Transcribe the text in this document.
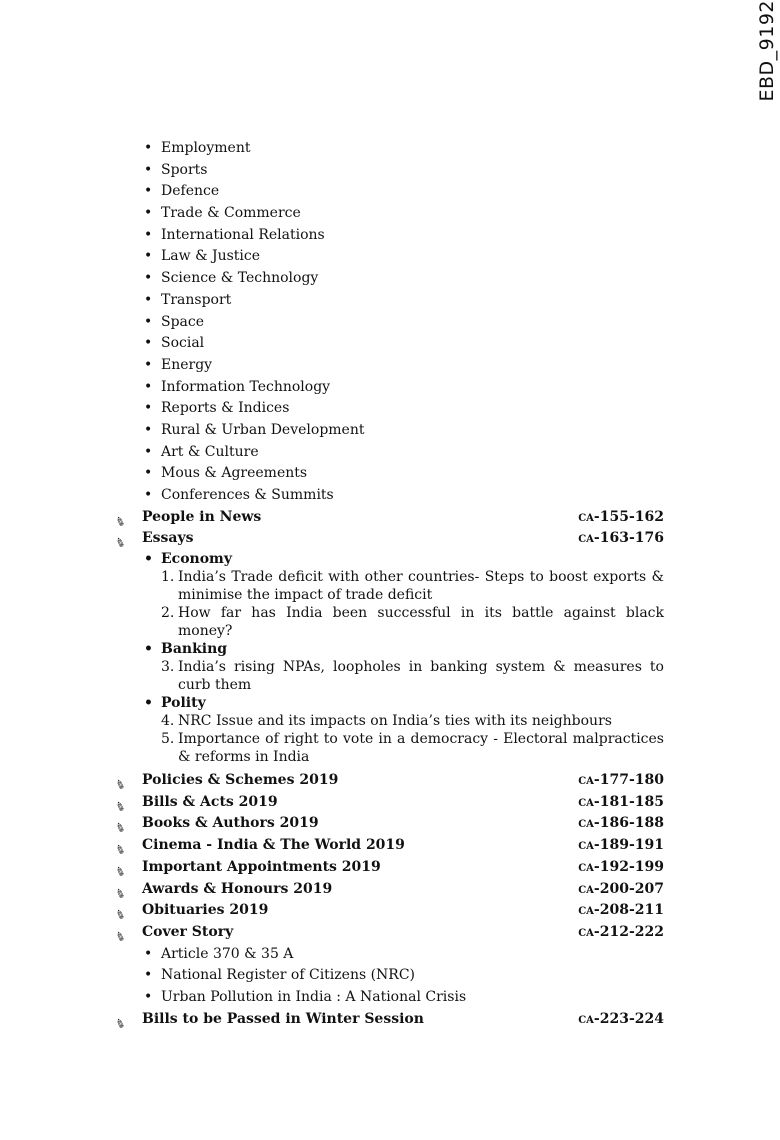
EBD_9192
• Employment
• Sports
• Defence
• Trade & Commerce
• International Relations
• Law & Justice
• Science & Technology
• Transport
• Space
• Social
• Energy
• Information Technology
• Reports & Indices
• Rural & Urban Development
• Art & Culture
• Mous & Agreements
• Conferences & Summits
✎ People in News	CA-155-162
✎ Essays	CA-163-176
• Economy
1. India’s Trade deficit with other countries- Steps to boost exports & minimise the impact of trade deficit
2. How far has India been successful in its battle against black money?
• Banking
3. India’s rising NPAs, loopholes in banking system & measures to curb them
• Polity
4. NRC Issue and its impacts on India’s ties with its neighbours
5. Importance of right to vote in a democracy - Electoral malpractices & reforms in India
✎ Policies & Schemes 2019	CA-177-180
✎ Bills & Acts 2019	CA-181-185
✎ Books & Authors 2019	CA-186-188
✎ Cinema - India & The World 2019	CA-189-191
✎ Important Appointments 2019	CA-192-199
✎ Awards & Honours 2019	CA-200-207
✎ Obituaries 2019	CA-208-211
✎ Cover Story	CA-212-222
• Article 370 & 35 A
• National Register of Citizens (NRC)
• Urban Pollution in India : A National Crisis
✎ Bills to be Passed in Winter Session	CA-223-224
